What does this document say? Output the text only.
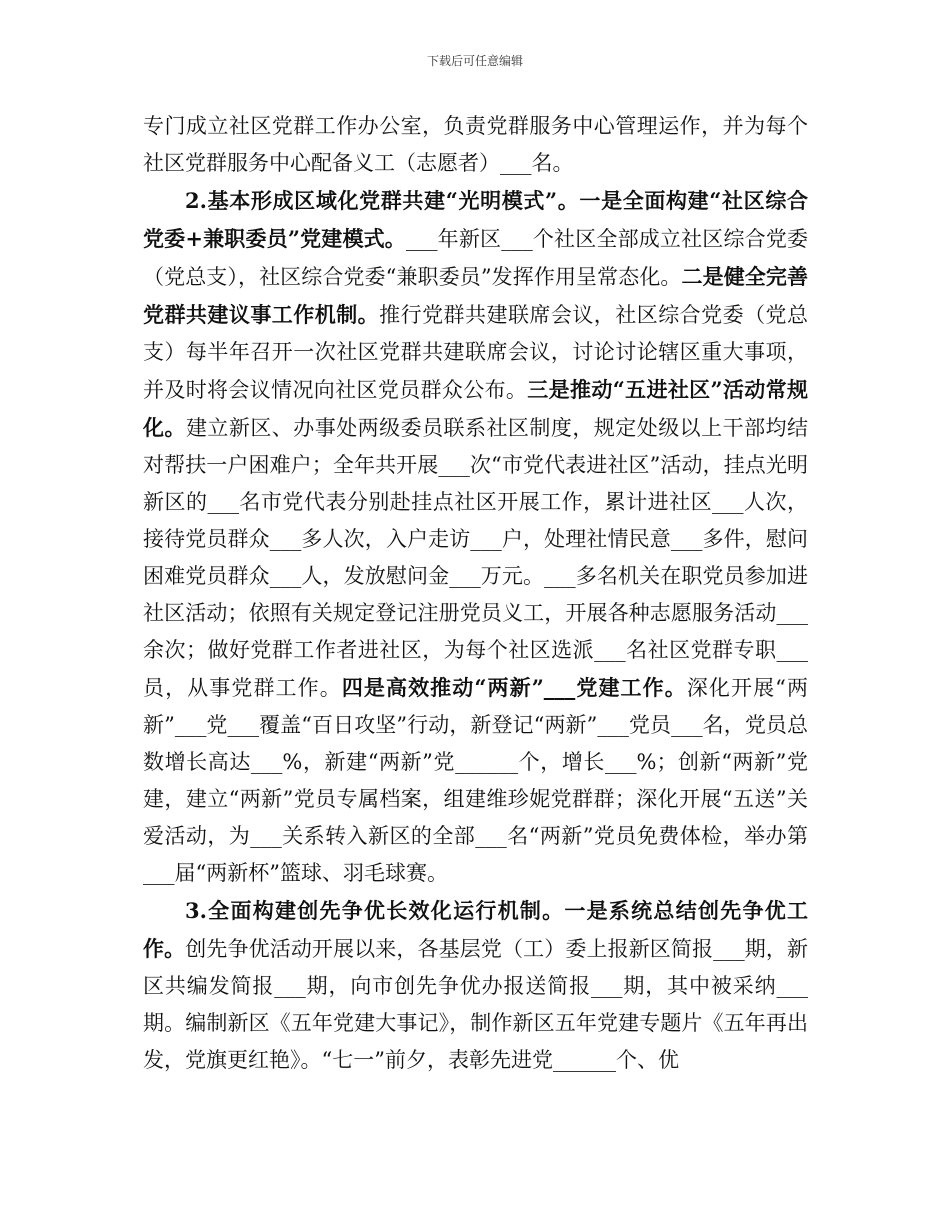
下载后可任意编辑

专门成立社区党群工作办公室，负责党群服务中心管理运作，并为每个社区党群服务中心配备义工（志愿者）___名。

2.基本形成区域化党群共建“光明模式”。一是全面构建“社区综合党委+兼职委员”党建模式。___年新区___个社区全部成立社区综合党委（党总支），社区综合党委“兼职委员”发挥作用呈常态化。二是健全完善党群共建议事工作机制。推行党群共建联席会议，社区综合党委（党总支）每半年召开一次社区党群共建联席会议，讨论讨论辖区重大事项，并及时将会议情况向社区党员群众公布。三是推动“五进社区”活动常规化。建立新区、办事处两级委员联系社区制度，规定处级以上干部均结对帮扶一户困难户；全年共开展___次“市党代表进社区”活动，挂点光明新区的___名市党代表分别赴挂点社区开展工作，累计进社区___人次，接待党员群众___多人次，入户走访___户，处理社情民意___多件，慰问困难党员群众___人，发放慰问金___万元。___多名机关在职党员参加进社区活动；依照有关规定登记注册党员义工，开展各种志愿服务活动___余次；做好党群工作者进社区，为每个社区选派___名社区党群专职___员，从事党群工作。四是高效推动“两新”___党建工作。深化开展“两新”___党___覆盖“百日攻坚”行动，新登记“两新”___党员___名，党员总数增长高达___%，新建“两新”党______个，增长___%；创新“两新”党建，建立“两新”党员专属档案，组建维珍妮党群群；深化开展“五送”关爱活动，为___关系转入新区的全部___名“两新”党员免费体检，举办第___届“两新杯”篮球、羽毛球赛。

3.全面构建创先争优长效化运行机制。一是系统总结创先争优工作。创先争优活动开展以来，各基层党（工）委上报新区简报___期，新区共编发简报___期，向市创先争优办报送简报___期，其中被采纳___期。编制新区《五年党建大事记》，制作新区五年党建专题片《五年再出发，党旗更红艳》。“七一”前夕，表彰先进党______个、优
